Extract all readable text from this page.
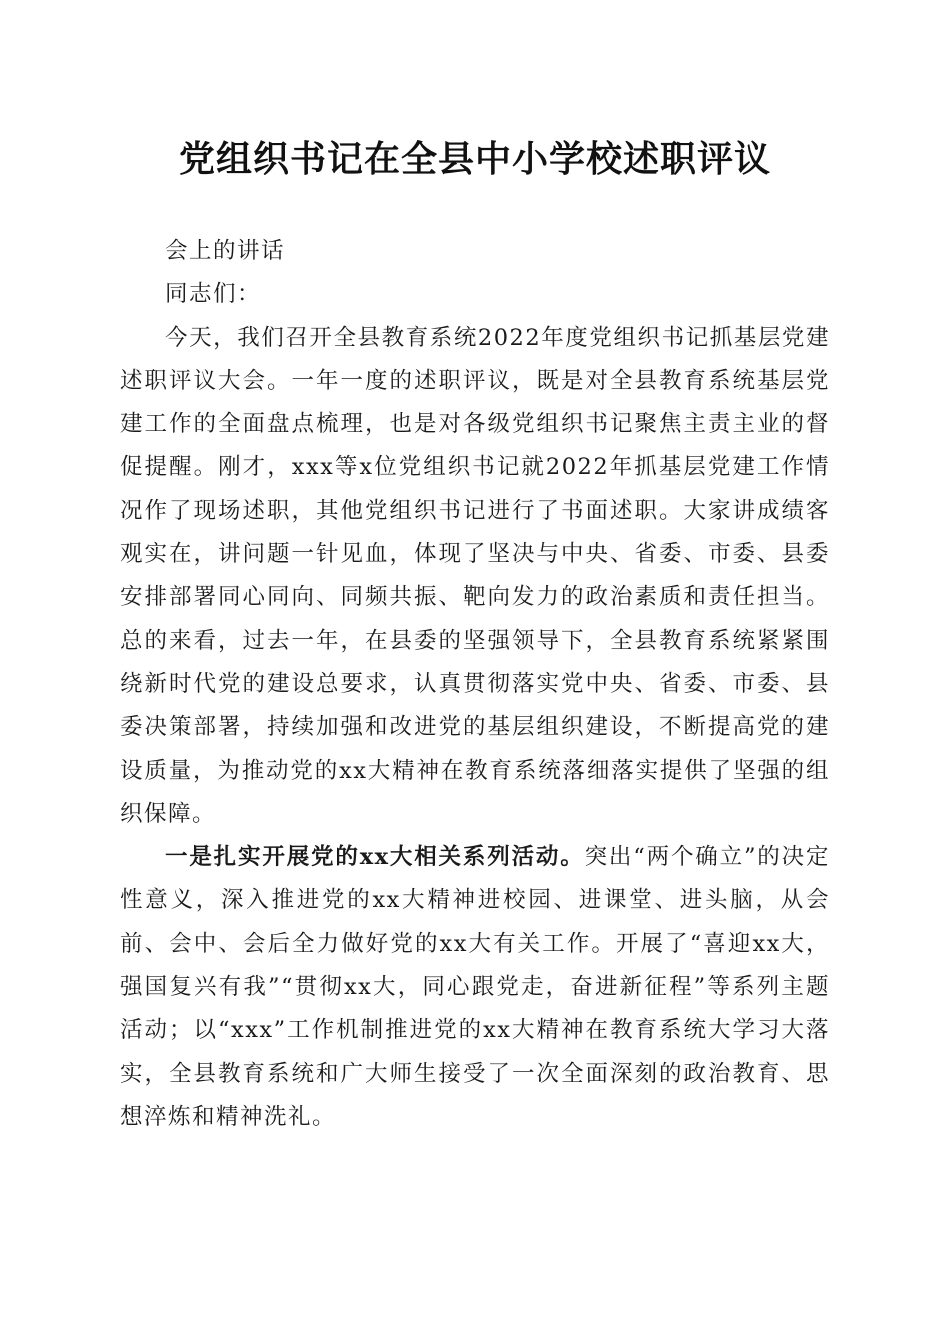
党组织书记在全县中小学校述职评议

会上的讲话

同志们：

今天，我们召开全县教育系统2022年度党组织书记抓基层党建述职评议大会。一年一度的述职评议，既是对全县教育系统基层党建工作的全面盘点梳理，也是对各级党组织书记聚焦主责主业的督促提醒。刚才，xxx等x位党组织书记就2022年抓基层党建工作情况作了现场述职，其他党组织书记进行了书面述职。大家讲成绩客观实在，讲问题一针见血，体现了坚决与中央、省委、市委、县委安排部署同心同向、同频共振、靶向发力的政治素质和责任担当。总的来看，过去一年，在县委的坚强领导下，全县教育系统紧紧围绕新时代党的建设总要求，认真贯彻落实党中央、省委、市委、县委决策部署，持续加强和改进党的基层组织建设，不断提高党的建设质量，为推动党的xx大精神在教育系统落细落实提供了坚强的组织保障。

一是扎实开展党的xx大相关系列活动。突出“两个确立”的决定性意义，深入推进党的xx大精神进校园、进课堂、进头脑，从会前、会中、会后全力做好党的xx大有关工作。开展了“喜迎xx大，强国复兴有我”“贯彻xx大，同心跟党走，奋进新征程”等系列主题活动；以“xxx”工作机制推进党的xx大精神在教育系统大学习大落实，全县教育系统和广大师生接受了一次全面深刻的政治教育、思想淬炼和精神洗礼。
